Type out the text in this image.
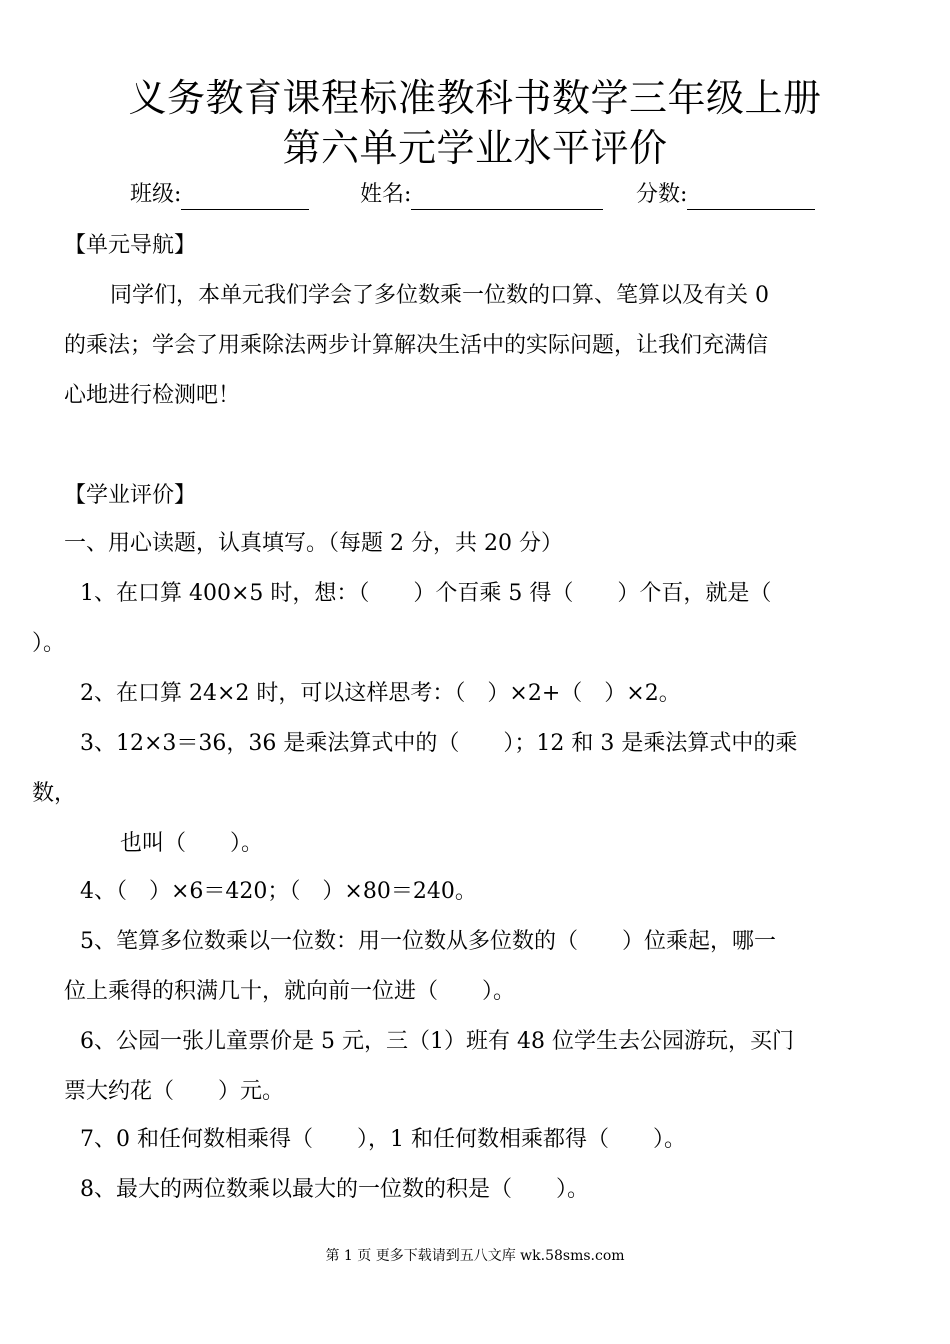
义务教育课程标准教科书数学三年级上册
第六单元学业水平评价
班级:	姓名:	分数:
【单元导航】
同学们，本单元我们学会了多位数乘一位数的口算、笔算以及有关 0
的乘法；学会了用乘除法两步计算解决生活中的实际问题，让我们充满信
心地进行检测吧！
【学业评价】
一、用心读题，认真填写。（每题 2 分，共 20 分）
1、在口算 400×5 时，想：（　　）个百乘 5 得（　　）个百，就是（
）。
2、在口算 24×2 时，可以这样思考：（　）×2+（　）×2。
3、12×3＝36，36 是乘法算式中的（　　）；12 和 3 是乘法算式中的乘
数，
也叫（　　）。
4、（　）×6＝420；（　）×80＝240。
5、笔算多位数乘以一位数：用一位数从多位数的（　　）位乘起，哪一
位上乘得的积满几十，就向前一位进（　　）。
6、公园一张儿童票价是 5 元，三（1）班有 48 位学生去公园游玩，买门
票大约花（　　）元。
7、0 和任何数相乘得（　　），1 和任何数相乘都得（　　）。
8、最大的两位数乘以最大的一位数的积是（　　）。
第 1 页 更多下载请到五八文库 wk.58sms.com
